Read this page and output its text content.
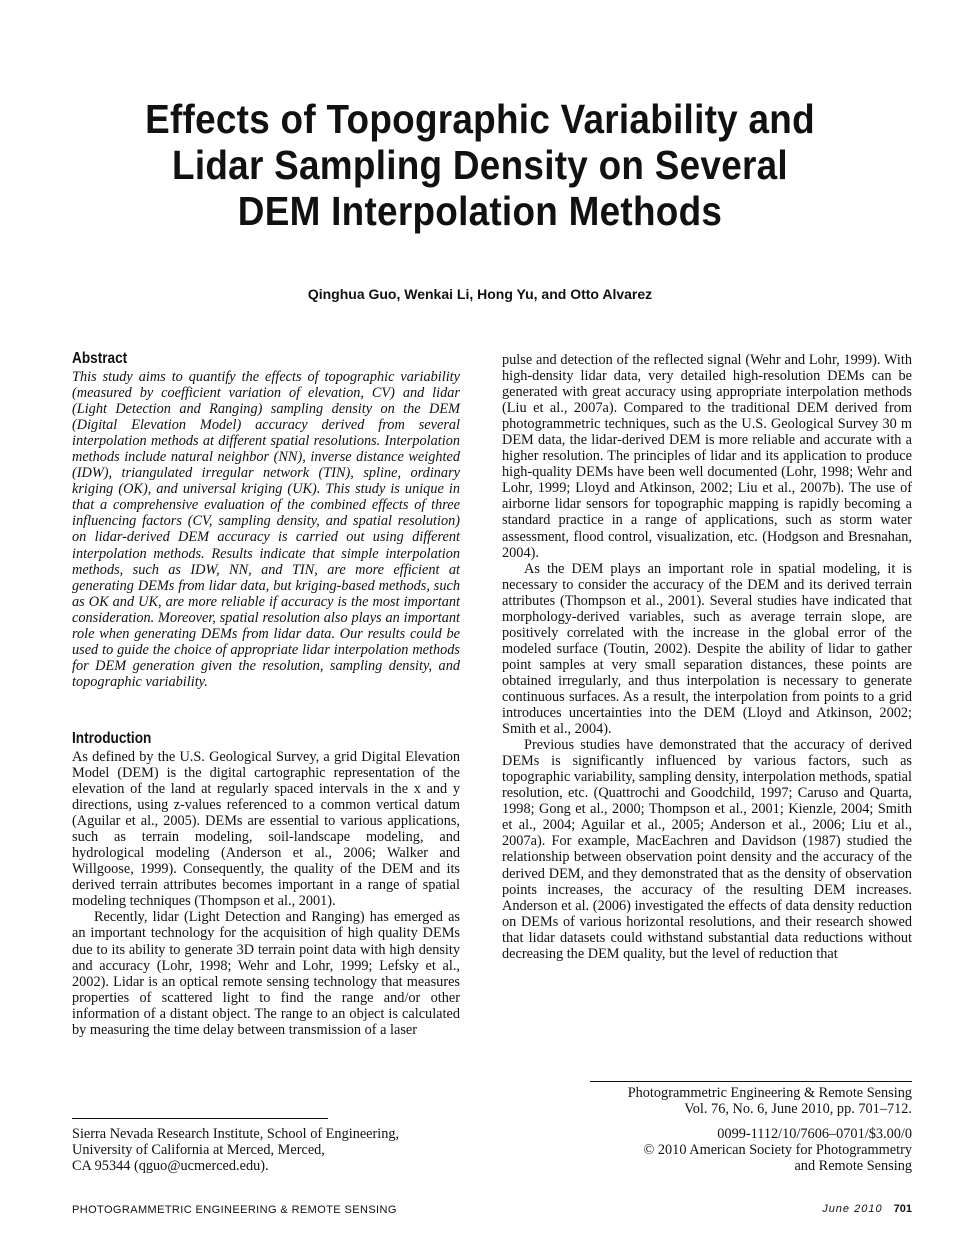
Effects of Topographic Variability and
Lidar Sampling Density on Several
DEM Interpolation Methods
Qinghua Guo, Wenkai Li, Hong Yu, and Otto Alvarez
Abstract

This study aims to quantify the effects of topographic variability (measured by coefficient variation of elevation, CV) and lidar (Light Detection and Ranging) sampling density on the DEM (Digital Elevation Model) accuracy derived from several interpolation methods at different spatial resolutions. Interpolation methods include natural neighbor (NN), inverse distance weighted (IDW), triangulated irregular network (TIN), spline, ordinary kriging (OK), and universal kriging (UK). This study is unique in that a comprehensive evaluation of the combined effects of three influencing factors (CV, sampling density, and spatial resolution) on lidar-derived DEM accuracy is carried out using different interpolation methods. Results indicate that simple interpolation methods, such as IDW, NN, and TIN, are more efficient at generating DEMs from lidar data, but kriging-based methods, such as OK and UK, are more reliable if accuracy is the most important consideration. Moreover, spatial resolution also plays an important role when generating DEMs from lidar data. Our results could be used to guide the choice of appropriate lidar interpolation methods for DEM generation given the resolution, sampling density, and topographic variability.

Introduction

As defined by the U.S. Geological Survey, a grid Digital Elevation Model (DEM) is the digital cartographic representation of the elevation of the land at regularly spaced intervals in the x and y directions, using z-values referenced to a common vertical datum (Aguilar et al., 2005). DEMs are essential to various applications, such as terrain modeling, soil-landscape modeling, and hydrological modeling (Anderson et al., 2006; Walker and Willgoose, 1999). Consequently, the quality of the DEM and its derived terrain attributes becomes important in a range of spatial modeling techniques (Thompson et al., 2001).

Recently, lidar (Light Detection and Ranging) has emerged as an important technology for the acquisition of high quality DEMs due to its ability to generate 3D terrain point data with high density and accuracy (Lohr, 1998; Wehr and Lohr, 1999; Lefsky et al., 2002). Lidar is an optical remote sensing technology that measures properties of scattered light to find the range and/or other information of a distant object. The range to an object is calculated by measuring the time delay between transmission of a laser

pulse and detection of the reflected signal (Wehr and Lohr, 1999). With high-density lidar data, very detailed high-resolution DEMs can be generated with great accuracy using appropriate interpolation methods (Liu et al., 2007a). Compared to the traditional DEM derived from photogrammetric techniques, such as the U.S. Geological Survey 30 m DEM data, the lidar-derived DEM is more reliable and accurate with a higher resolution. The principles of lidar and its application to produce high-quality DEMs have been well documented (Lohr, 1998; Wehr and Lohr, 1999; Lloyd and Atkinson, 2002; Liu et al., 2007b). The use of airborne lidar sensors for topographic mapping is rapidly becoming a standard practice in a range of applications, such as storm water assessment, flood control, visualization, etc. (Hodgson and Bresnahan, 2004).

As the DEM plays an important role in spatial modeling, it is necessary to consider the accuracy of the DEM and its derived terrain attributes (Thompson et al., 2001). Several studies have indicated that morphology-derived variables, such as average terrain slope, are positively correlated with the increase in the global error of the modeled surface (Toutin, 2002). Despite the ability of lidar to gather point samples at very small separation distances, these points are obtained irregularly, and thus interpolation is necessary to generate continuous surfaces. As a result, the interpolation from points to a grid introduces uncertainties into the DEM (Lloyd and Atkinson, 2002; Smith et al., 2004).

Previous studies have demonstrated that the accuracy of derived DEMs is significantly influenced by various factors, such as topographic variability, sampling density, interpolation methods, spatial resolution, etc. (Quattrochi and Goodchild, 1997; Caruso and Quarta, 1998; Gong et al., 2000; Thompson et al., 2001; Kienzle, 2004; Smith et al., 2004; Aguilar et al., 2005; Anderson et al., 2006; Liu et al., 2007a). For example, MacEachren and Davidson (1987) studied the relationship between observation point density and the accuracy of the derived DEM, and they demonstrated that as the density of observation points increases, the accuracy of the resulting DEM increases. Anderson et al. (2006) investigated the effects of data density reduction on DEMs of various horizontal resolutions, and their research showed that lidar datasets could withstand substantial data reductions without decreasing the DEM quality, but the level of reduction that

Photogrammetric Engineering & Remote Sensing
Vol. 76, No. 6, June 2010, pp. 701–712.
0099-1112/10/7606–0701/$3.00/0
© 2010 American Society for Photogrammetry
and Remote Sensing
Sierra Nevada Research Institute, School of Engineering,
University of California at Merced, Merced,
CA 95344 (qguo@ucmerced.edu).
PHOTOGRAMMETRIC ENGINEERING & REMOTE SENSING	June 2010 701
